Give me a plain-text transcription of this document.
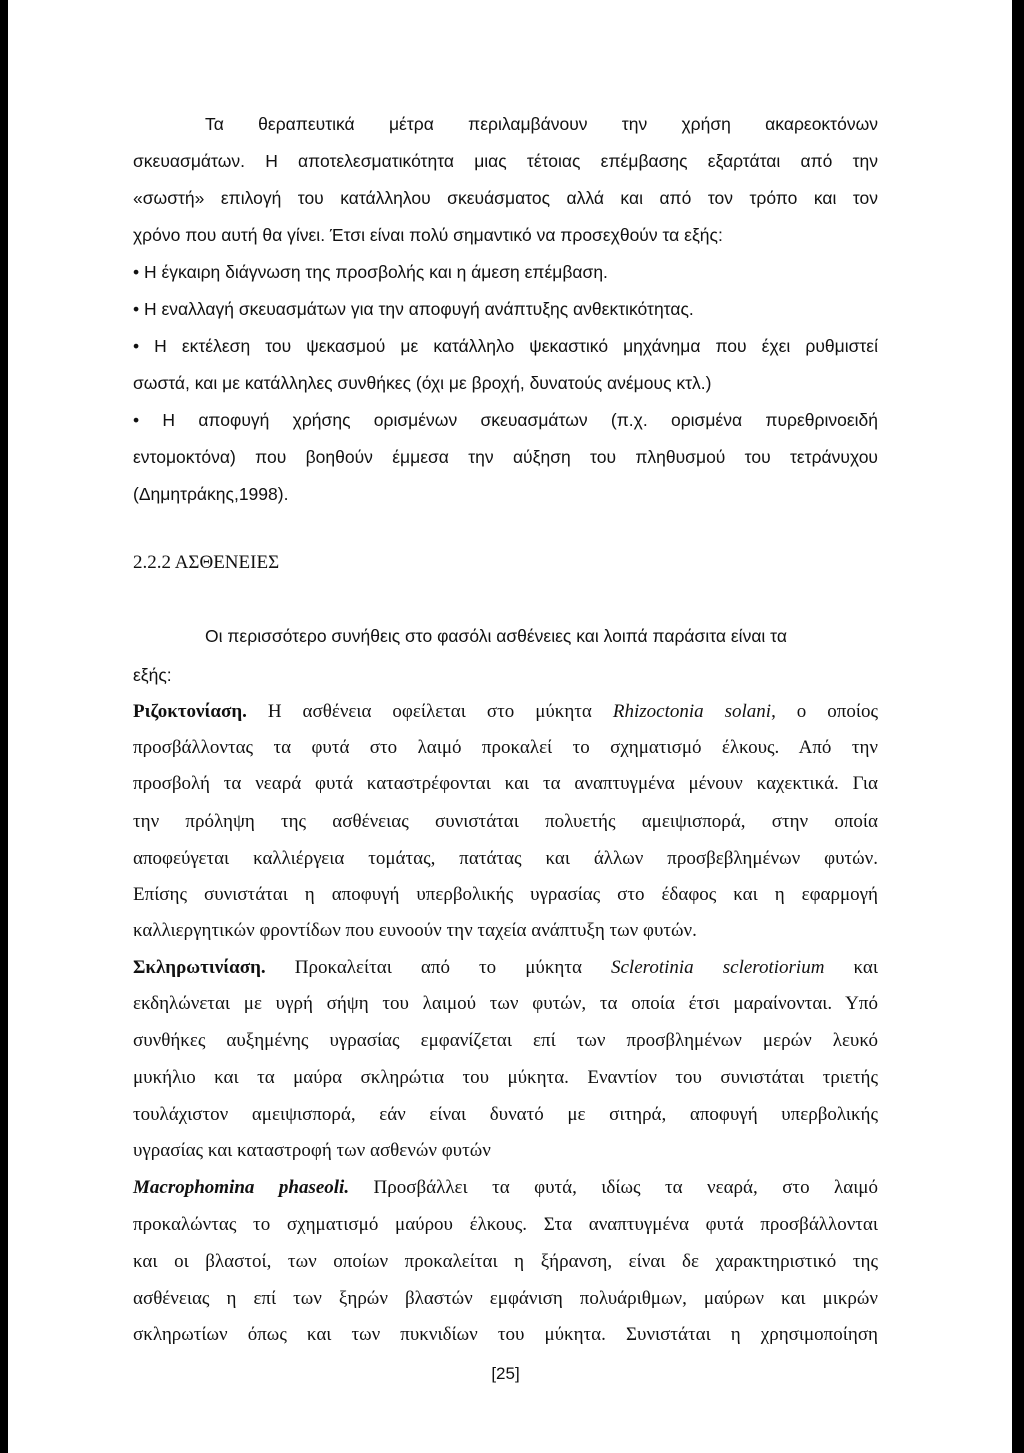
Τα θεραπευτικά μέτρα περιλαμβάνουν την χρήση ακαρεοκτόνων
σκευασμάτων. Η αποτελεσματικότητα μιας τέτοιας επέμβασης εξαρτάται από την
«σωστή» επιλογή του κατάλληλου σκευάσματος αλλά και από τον τρόπο και τον
χρόνο που αυτή θα γίνει. Έτσι είναι πολύ σημαντικό να προσεχθούν τα εξής:
• Η έγκαιρη διάγνωση της προσβολής και η άμεση επέμβαση.
• Η εναλλαγή σκευασμάτων για την αποφυγή ανάπτυξης ανθεκτικότητας.
• Η εκτέλεση του ψεκασμού με κατάλληλο ψεκαστικό μηχάνημα που έχει ρυθμιστεί
σωστά, και με κατάλληλες συνθήκες (όχι με βροχή, δυνατούς ανέμους κτλ.)
• Η αποφυγή χρήσης ορισμένων σκευασμάτων (π.χ. ορισμένα πυρεθρινοειδή
εντομοκτόνα) που βοηθούν έμμεσα την αύξηση του πληθυσμού του τετράνυχου
(Δημητράκης,1998).
2.2.2 ΑΣΘΕΝΕΙΕΣ
Οι περισσότερο συνήθεις στο φασόλι ασθένειες και λοιπά παράσιτα είναι τα
εξής:
Ριζοκτονίαση. Η ασθένεια οφείλεται στο μύκητα Rhizoctonia solani, ο οποίος
προσβάλλοντας τα φυτά στο λαιμό προκαλεί το σχηματισμό έλκους. Από την
προσβολή τα νεαρά φυτά καταστρέφονται και τα αναπτυγμένα μένουν καχεκτικά. Για
την πρόληψη της ασθένειας συνιστάται πολυετής αμειψισπορά, στην οποία
αποφεύγεται καλλιέργεια τομάτας, πατάτας και άλλων προσβεβλημένων φυτών.
Επίσης συνιστάται η αποφυγή υπερβολικής υγρασίας στο έδαφος και η εφαρμογή
καλλιεργητικών φροντίδων που ευνοούν την ταχεία ανάπτυξη των φυτών.
Σκληρωτινίαση. Προκαλείται από το μύκητα Sclerotinia sclerotiorium και
εκδηλώνεται με υγρή σήψη του λαιμού των φυτών, τα οποία έτσι μαραίνονται. Υπό
συνθήκες αυξημένης υγρασίας εμφανίζεται επί των προσβλημένων μερών λευκό
μυκήλιο και τα μαύρα σκληρώτια του μύκητα. Εναντίον του συνιστάται τριετής
τουλάχιστον αμειψισπορά, εάν είναι δυνατό με σιτηρά, αποφυγή υπερβολικής
υγρασίας και καταστροφή των ασθενών φυτών
Macrophomina phaseoli. Προσβάλλει τα φυτά, ιδίως τα νεαρά, στο λαιμό
προκαλώντας το σχηματισμό μαύρου έλκους. Στα αναπτυγμένα φυτά προσβάλλονται
και οι βλαστοί, των οποίων προκαλείται η ξήρανση, είναι δε χαρακτηριστικό της
ασθένειας η επί των ξηρών βλαστών εμφάνιση πολυάριθμων, μαύρων και μικρών
σκληρωτίων όπως και των πυκνιδίων του μύκητα. Συνιστάται η χρησιμοποίηση
[25]
